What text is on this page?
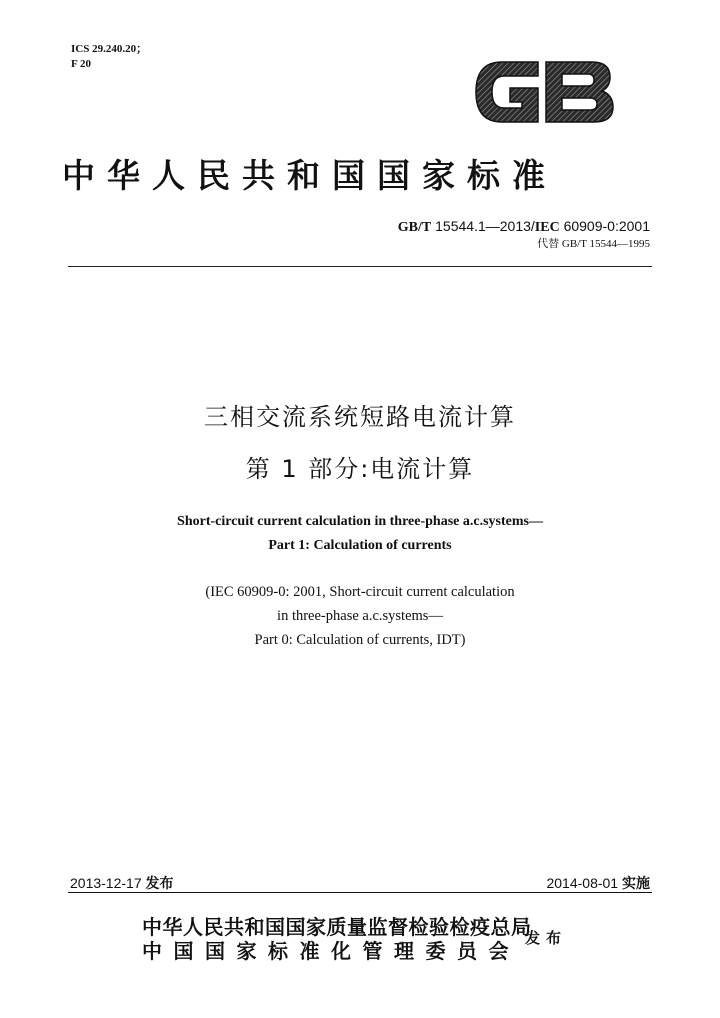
ICS 29.240.20；
F 20
中华人民共和国国家标准
GB/T 15544.1—2013/IEC 60909-0:2001
代替 GB/T 15544—1995
三相交流系统短路电流计算
第 1 部分:电流计算
Short-circuit current calculation in three-phase a.c.systems—
Part 1: Calculation of currents
(IEC 60909-0: 2001, Short-circuit current calculation
in three-phase a.c.systems—
Part 0: Calculation of currents, IDT)
2013-12-17 发布	2014-08-01 实施
中华人民共和国国家质量监督检验检疫总局
中国国家标准化管理委员会
发布
